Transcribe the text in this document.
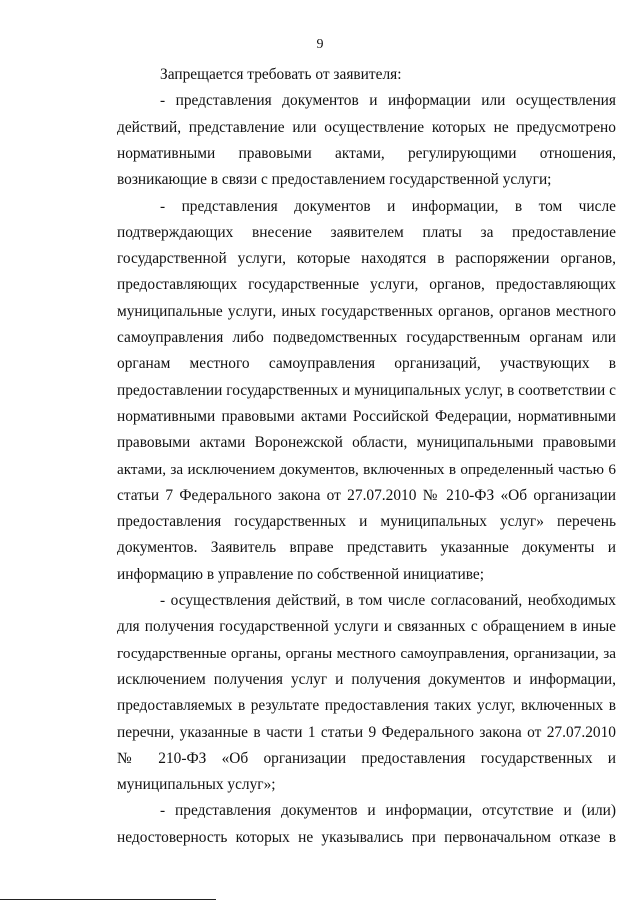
9
Запрещается требовать от заявителя:
- представления документов и информации или осуществления
действий, представление или осуществление которых не предусмотрено
нормативными правовыми актами, регулирующими отношения,
возникающие в связи с предоставлением государственной услуги;
- представления документов и информации, в том числе
подтверждающих внесение заявителем платы за предоставление
государственной услуги, которые находятся в распоряжении органов,
предоставляющих государственные услуги, органов, предоставляющих
муниципальные услуги, иных государственных органов, органов местного
самоуправления либо подведомственных государственным органам или
органам местного самоуправления организаций, участвующих в
предоставлении государственных и муниципальных услуг, в соответствии с
нормативными правовыми актами Российской Федерации, нормативными
правовыми актами Воронежской области, муниципальными правовыми
актами, за исключением документов, включенных в определенный частью 6
статьи 7 Федерального закона от 27.07.2010 № 210-ФЗ «Об организации
предоставления государственных и муниципальных услуг» перечень
документов. Заявитель вправе представить указанные документы и
информацию в управление по собственной инициативе;
- осуществления действий, в том числе согласований, необходимых
для получения государственной услуги и связанных с обращением в иные
государственные органы, органы местного самоуправления, организации, за
исключением получения услуг и получения документов и информации,
предоставляемых в результате предоставления таких услуг, включенных в
перечни, указанные в части 1 статьи 9 Федерального закона от 27.07.2010
№ 210-ФЗ «Об организации предоставления государственных и
муниципальных услуг»;
- представления документов и информации, отсутствие и (или)
недостоверность которых не указывались при первоначальном отказе в
